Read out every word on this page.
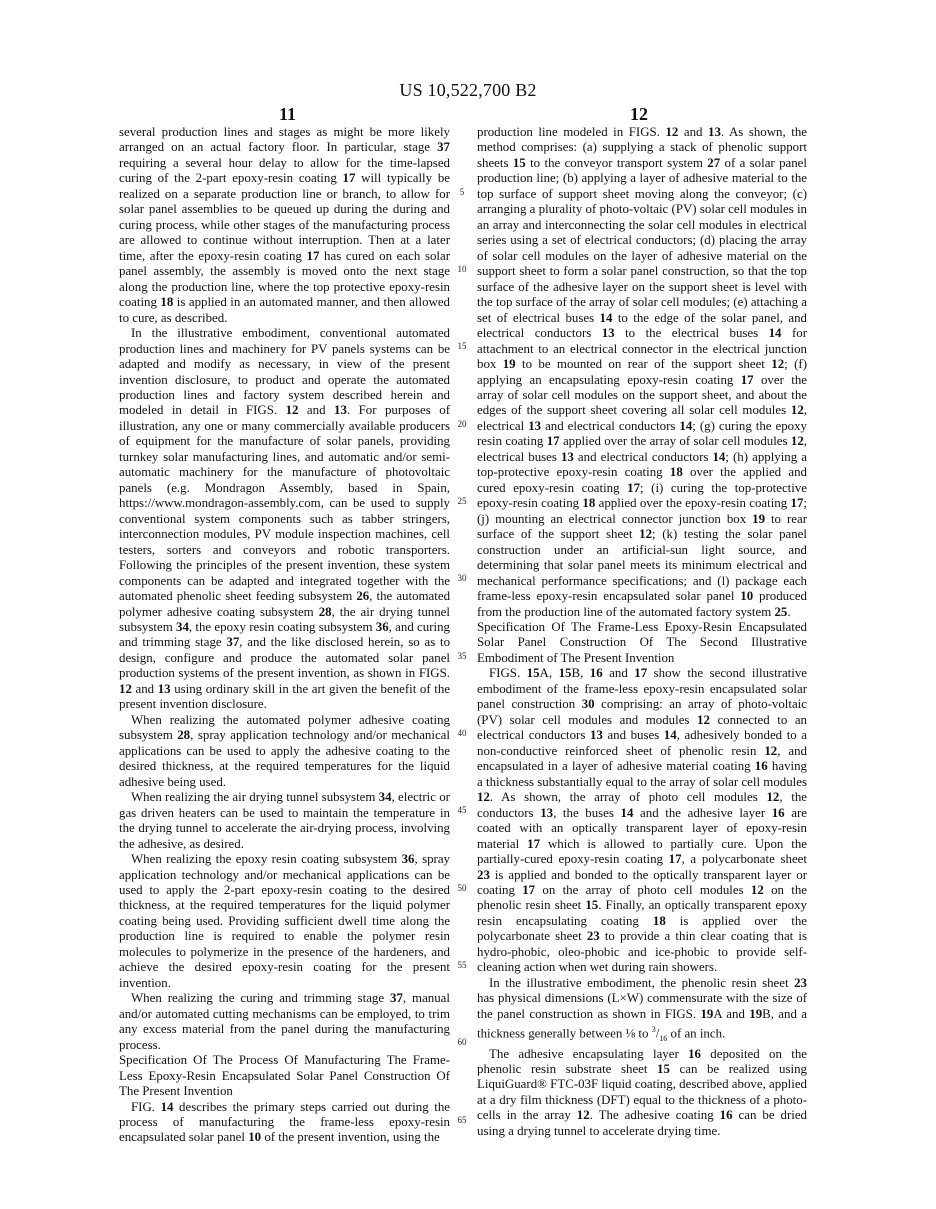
US 10,522,700 B2
11	12

several production lines and stages as might be more likely arranged on an actual factory floor. In particular, stage 37 requiring a several hour delay to allow for the time-lapsed curing of the 2-part epoxy-resin coating 17 will typically be realized on a separate production line or branch, to allow for solar panel assemblies to be queued up during the during and curing process, while other stages of the manufacturing process are allowed to continue without interruption. Then at a later time, after the epoxy-resin coating 17 has cured on each solar panel assembly, the assembly is moved onto the next stage along the production line, where the top protective epoxy-resin coating 18 is applied in an automated manner, and then allowed to cure, as described.

In the illustrative embodiment, conventional automated production lines and machinery for PV panels systems can be adapted and modify as necessary, in view of the present invention disclosure, to product and operate the automated production lines and factory system described herein and modeled in detail in FIGS. 12 and 13. For purposes of illustration, any one or many commercially available producers of equipment for the manufacture of solar panels, providing turnkey solar manufacturing lines, and automatic and/or semi-automatic machinery for the manufacture of photovoltaic panels (e.g. Mondragon Assembly, based in Spain, https://www.mondragon-assembly.com, can be used to supply conventional system components such as tabber stringers, interconnection modules, PV module inspection machines, cell testers, sorters and conveyors and robotic transporters. Following the principles of the present invention, these system components can be adapted and integrated together with the automated phenolic sheet feeding subsystem 26, the automated polymer adhesive coating subsystem 28, the air drying tunnel subsystem 34, the epoxy resin coating subsystem 36, and curing and trimming stage 37, and the like disclosed herein, so as to design, configure and produce the automated solar panel production systems of the present invention, as shown in FIGS. 12 and 13 using ordinary skill in the art given the benefit of the present invention disclosure.

When realizing the automated polymer adhesive coating subsystem 28, spray application technology and/or mechanical applications can be used to apply the adhesive coating to the desired thickness, at the required temperatures for the liquid adhesive being used.

When realizing the air drying tunnel subsystem 34, electric or gas driven heaters can be used to maintain the temperature in the drying tunnel to accelerate the air-drying process, involving the adhesive, as desired.

When realizing the epoxy resin coating subsystem 36, spray application technology and/or mechanical applications can be used to apply the 2-part epoxy-resin coating to the desired thickness, at the required temperatures for the liquid polymer coating being used. Providing sufficient dwell time along the production line is required to enable the polymer resin molecules to polymerize in the presence of the hardeners, and achieve the desired epoxy-resin coating for the present invention.

When realizing the curing and trimming stage 37, manual and/or automated cutting mechanisms can be employed, to trim any excess material from the panel during the manufacturing process.

Specification Of The Process Of Manufacturing The Frame-Less Epoxy-Resin Encapsulated Solar Panel Construction Of The Present Invention

FIG. 14 describes the primary steps carried out during the process of manufacturing the frame-less epoxy-resin encapsulated solar panel 10 of the present invention, using the

5
10
15
20
25
30
35
40
45
50
55
60
65

production line modeled in FIGS. 12 and 13. As shown, the method comprises: (a) supplying a stack of phenolic support sheets 15 to the conveyor transport system 27 of a solar panel production line; (b) applying a layer of adhesive material to the top surface of support sheet moving along the conveyor; (c) arranging a plurality of photo-voltaic (PV) solar cell modules in an array and interconnecting the solar cell modules in electrical series using a set of electrical conductors; (d) placing the array of solar cell modules on the layer of adhesive material on the support sheet to form a solar panel construction, so that the top surface of the adhesive layer on the support sheet is level with the top surface of the array of solar cell modules; (e) attaching a set of electrical buses 14 to the edge of the solar panel, and electrical conductors 13 to the electrical buses 14 for attachment to an electrical connector in the electrical junction box 19 to be mounted on rear of the support sheet 12; (f) applying an encapsulating epoxy-resin coating 17 over the array of solar cell modules on the support sheet, and about the edges of the support sheet covering all solar cell modules 12, electrical 13 and electrical conductors 14; (g) curing the epoxy resin coating 17 applied over the array of solar cell modules 12, electrical buses 13 and electrical conductors 14; (h) applying a top-protective epoxy-resin coating 18 over the applied and cured epoxy-resin coating 17; (i) curing the top-protective epoxy-resin coating 18 applied over the epoxy-resin coating 17; (j) mounting an electrical connector junction box 19 to rear surface of the support sheet 12; (k) testing the solar panel construction under an artificial-sun light source, and determining that solar panel meets its minimum electrical and mechanical performance specifications; and (l) package each frame-less epoxy-resin encapsulated solar panel 10 produced from the production line of the automated factory system 25.

Specification Of The Frame-Less Epoxy-Resin Encapsulated Solar Panel Construction Of The Second Illustrative Embodiment of The Present Invention

FIGS. 15A, 15B, 16 and 17 show the second illustrative embodiment of the frame-less epoxy-resin encapsulated solar panel construction 30 comprising: an array of photo-voltaic (PV) solar cell modules and modules 12 connected to an electrical conductors 13 and buses 14, adhesively bonded to a non-conductive reinforced sheet of phenolic resin 12, and encapsulated in a layer of adhesive material coating 16 having a thickness substantially equal to the array of solar cell modules 12. As shown, the array of photo cell modules 12, the conductors 13, the buses 14 and the adhesive layer 16 are coated with an optically transparent layer of epoxy-resin material 17 which is allowed to partially cure. Upon the partially-cured epoxy-resin coating 17, a polycarbonate sheet 23 is applied and bonded to the optically transparent layer or coating 17 on the array of photo cell modules 12 on the phenolic resin sheet 15. Finally, an optically transparent epoxy resin encapsulating coating 18 is applied over the polycarbonate sheet 23 to provide a thin clear coating that is hydro-phobic, oleo-phobic and ice-phobic to provide self-cleaning action when wet during rain showers.

In the illustrative embodiment, the phenolic resin sheet 23 has physical dimensions (L×W) commensurate with the size of the panel construction as shown in FIGS. 19A and 19B, and a thickness generally between ⅛ to $^3/_{16}$ of an inch.

The adhesive encapsulating layer 16 deposited on the phenolic resin substrate sheet 15 can be realized using LiquiGuard® FTC-03F liquid coating, described above, applied at a dry film thickness (DFT) equal to the thickness of a photo-cells in the array 12. The adhesive coating 16 can be dried using a drying tunnel to accelerate drying time.
